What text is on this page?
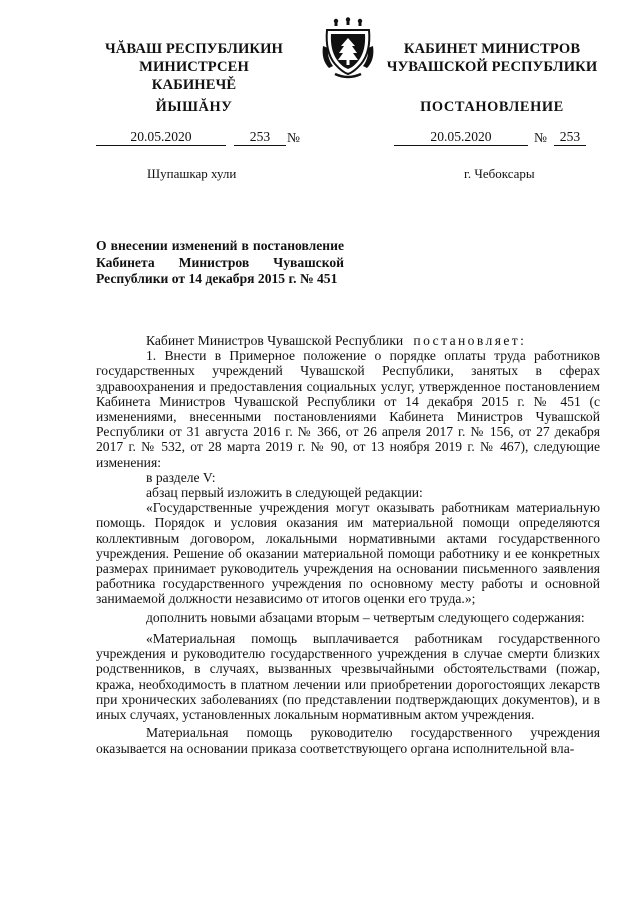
ЧĂВАШ РЕСПУБЛИКИН
МИНИСТРСЕН КАБИНЕЧĚ
ЙЫШĂНУ
КАБИНЕТ МИНИСТРОВ
ЧУВАШСКОЙ РЕСПУБЛИКИ
ПОСТАНОВЛЕНИЕ
20.05.2020	253	№	20.05.2020	№ 253
Шупашкар хули	г. Чебоксары
О внесении изменений в постановление Кабинета Министров Чувашской Республики от 14 декабря 2015 г. № 451

Кабинет Министров Чувашской Республики постановляет:

1. Внести в Примерное положение о порядке оплаты труда работников государственных учреждений Чувашской Республики, занятых в сферах здравоохранения и предоставления социальных услуг, утвержденное постановлением Кабинета Министров Чувашской Республики от 14 декабря 2015 г. № 451 (с изменениями, внесенными постановлениями Кабинета Министров Чувашской Республики от 31 августа 2016 г. № 366, от 26 апреля 2017 г. № 156, от 27 декабря 2017 г. № 532, от 28 марта 2019 г. № 90, от 13 ноября 2019 г. № 467), следующие изменения:

в разделе V:

абзац первый изложить в следующей редакции:

«Государственные учреждения могут оказывать работникам материальную помощь. Порядок и условия оказания им материальной помощи определяются коллективным договором, локальными нормативными актами государственного учреждения. Решение об оказании материальной помощи работнику и ее конкретных размерах принимает руководитель учреждения на основании письменного заявления работника государственного учреждения по основному месту работы и основной занимаемой должности независимо от итогов оценки его труда.»;

дополнить новыми абзацами вторым – четвертым следующего содержания:

«Материальная помощь выплачивается работникам государственного учреждения и руководителю государственного учреждения в случае смерти близких родственников, в случаях, вызванных чрезвычайными обстоятельствами (пожар, кража, необходимость в платном лечении или приобретении дорогостоящих лекарств при хронических заболеваниях (по представлении подтверждающих документов), и в иных случаях, установленных локальным нормативным актом учреждения.

Материальная помощь руководителю государственного учреждения оказывается на основании приказа соответствующего органа исполнительной вла-
